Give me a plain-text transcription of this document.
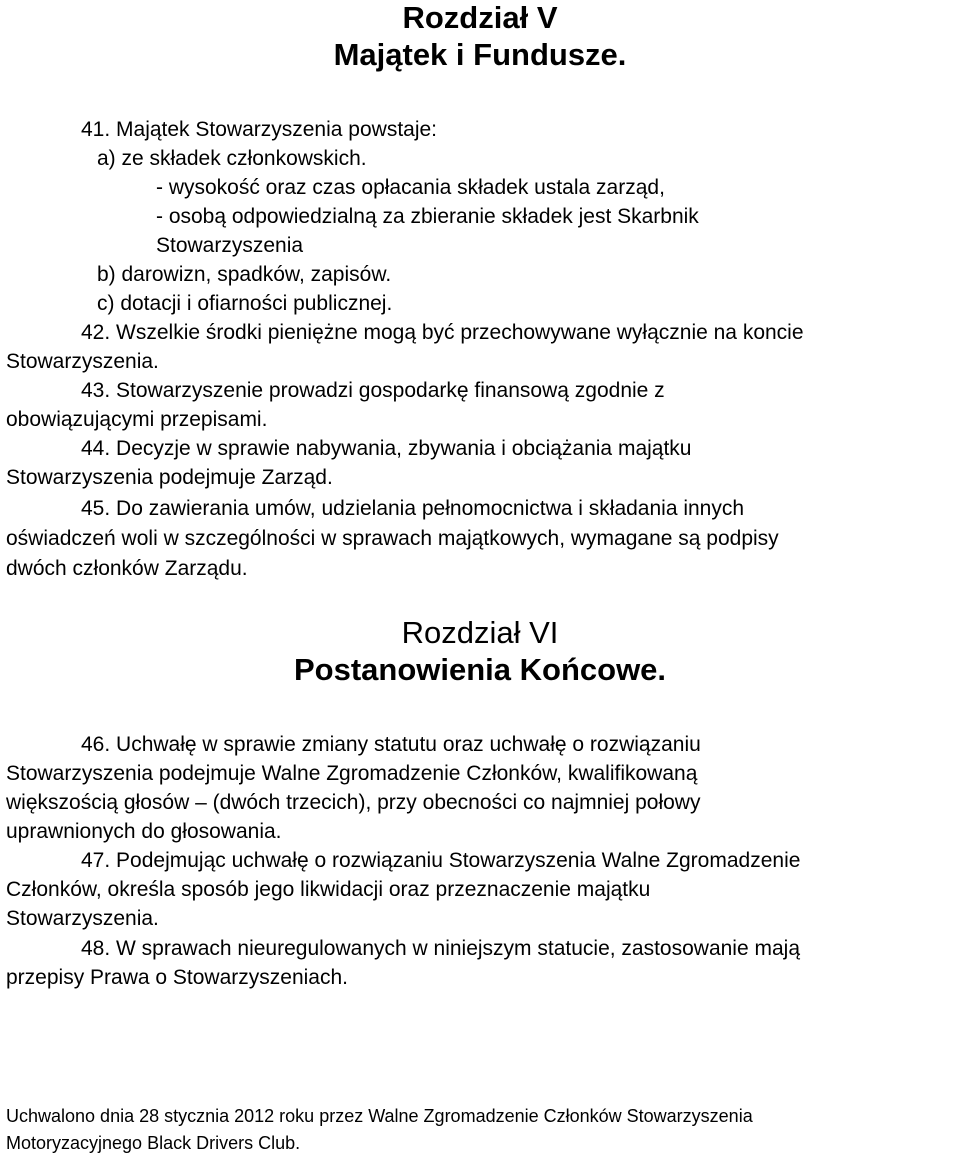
Rozdział V
Majątek i Fundusze.

41. Majątek Stowarzyszenia powstaje:

a) ze składek członkowskich.

- wysokość oraz czas opłacania składek ustala zarząd,

- osobą odpowiedzialną za zbieranie składek jest Skarbnik

Stowarzyszenia

b) darowizn, spadków, zapisów.

c) dotacji i ofiarności publicznej.

42. Wszelkie środki pieniężne mogą być przechowywane wyłącznie na koncie

Stowarzyszenia.

43. Stowarzyszenie prowadzi gospodarkę finansową zgodnie z

obowiązującymi przepisami.

44. Decyzje w sprawie nabywania, zbywania i obciążania majątku

Stowarzyszenia podejmuje Zarząd.

45. Do zawierania umów, udzielania pełnomocnictwa i składania innych

oświadczeń woli w szczególności w sprawach majątkowych, wymagane są podpisy

dwóch członków Zarządu.

Rozdział VI
Postanowienia Końcowe.

46. Uchwałę w sprawie zmiany statutu oraz uchwałę o rozwiązaniu

Stowarzyszenia podejmuje Walne Zgromadzenie Członków, kwalifikowaną

większością głosów – (dwóch trzecich), przy obecności co najmniej połowy

uprawnionych do głosowania.

47. Podejmując uchwałę o rozwiązaniu Stowarzyszenia Walne Zgromadzenie

Członków, określa sposób jego likwidacji oraz przeznaczenie majątku

Stowarzyszenia.

48. W sprawach nieuregulowanych w niniejszym statucie, zastosowanie mają

przepisy Prawa o Stowarzyszeniach.

Uchwalono dnia 28 stycznia 2012 roku przez Walne Zgromadzenie Członków Stowarzyszenia

Motoryzacyjnego Black Drivers Club.
